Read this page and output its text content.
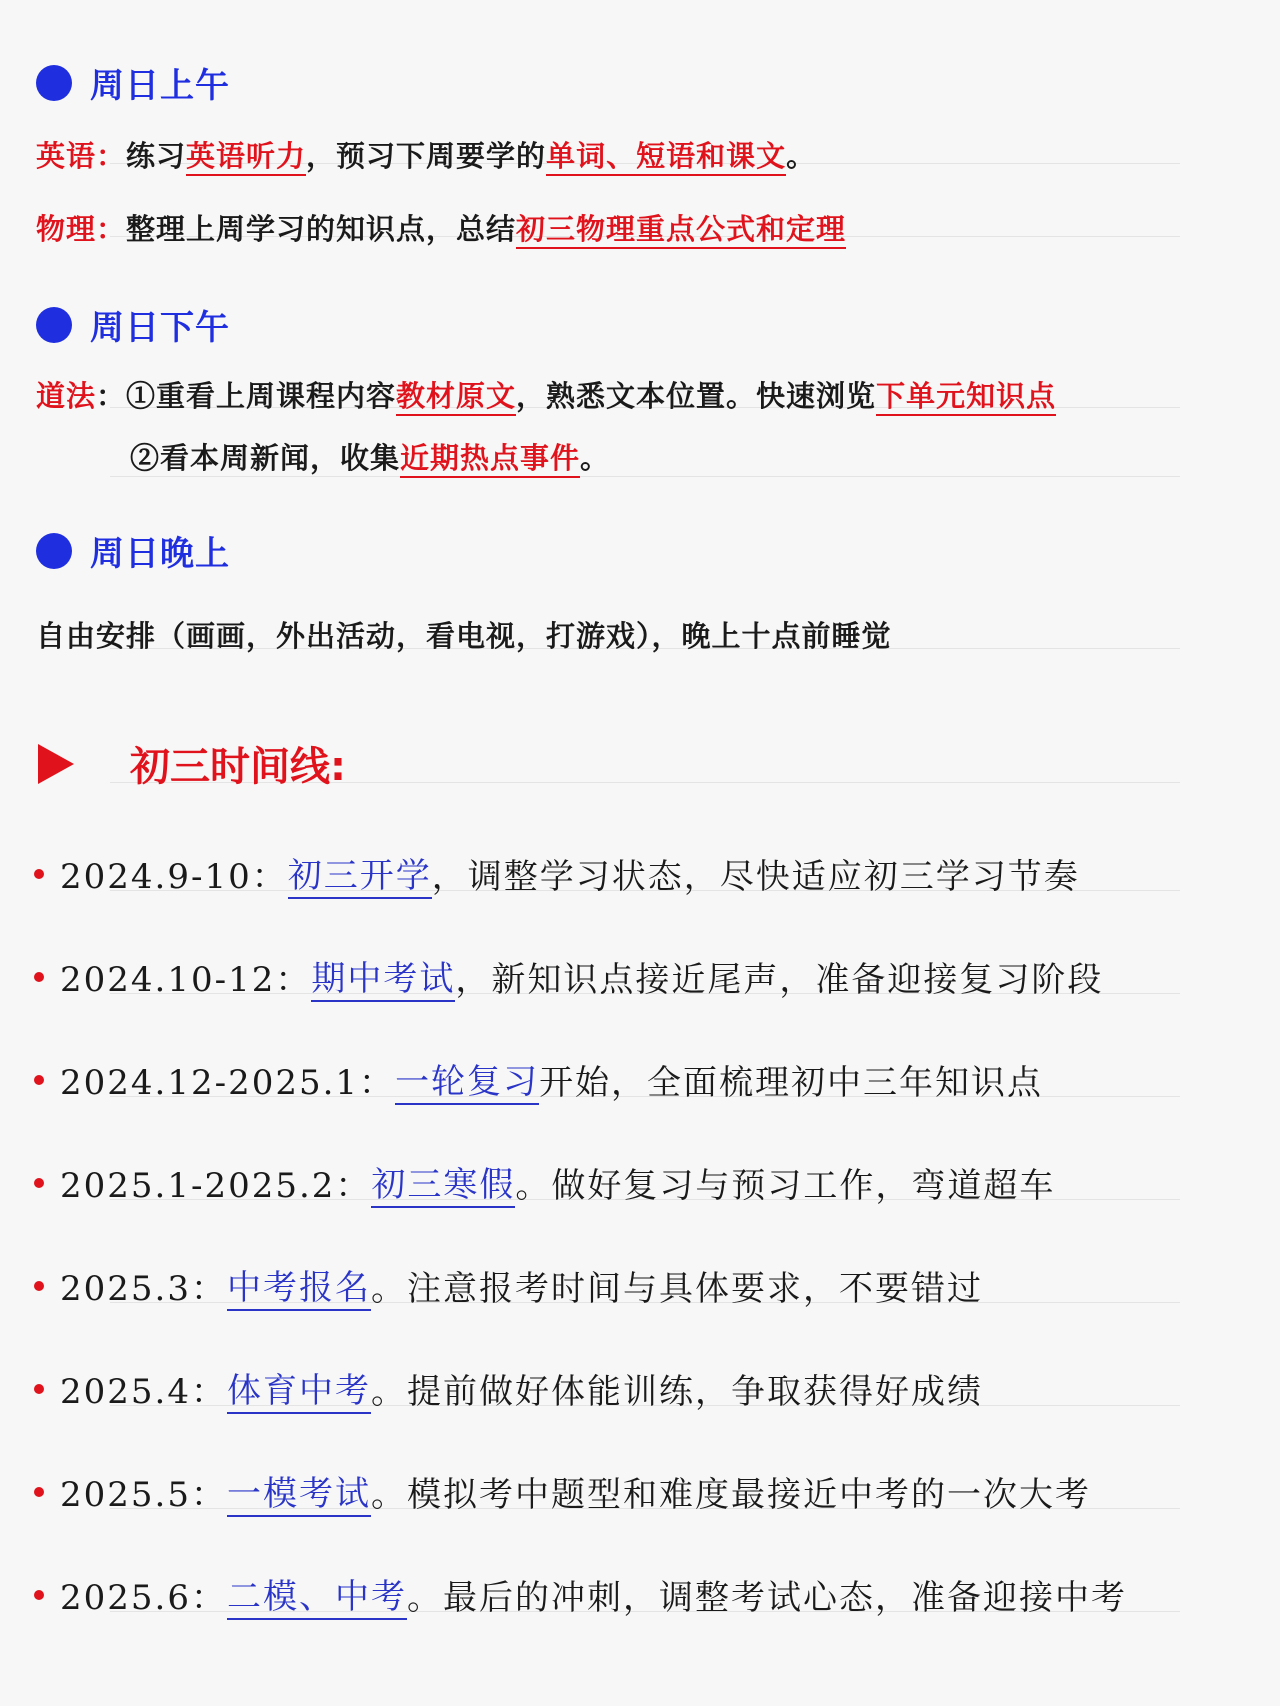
周日上午
英语：练习英语听力，预习下周要学的单词、短语和课文。
物理：整理上周学习的知识点，总结初三物理重点公式和定理
周日下午
道法：①重看上周课程内容教材原文，熟悉文本位置。快速浏览下单元知识点
②看本周新闻，收集近期热点事件。
周日晚上
自由安排（画画，外出活动，看电视，打游戏），晚上十点前睡觉
初三时间线:
2024.9-10： 初三开学 ，调整学习状态，尽快适应初三学习节奏
2024.10-12： 期中考试 ，新知识点接近尾声，准备迎接复习阶段
2024.12-2025.1： 一轮复习 开始，全面梳理初中三年知识点
2025.1-2025.2： 初三寒假 。做好复习与预习工作，弯道超车
2025.3： 中考报名 。注意报考时间与具体要求，不要错过
2025.4： 体育中考 。提前做好体能训练，争取获得好成绩
2025.5： 一模考试 。模拟考中题型和难度最接近中考的一次大考
2025.6： 二模、中考 。最后的冲刺，调整考试心态，准备迎接中考
